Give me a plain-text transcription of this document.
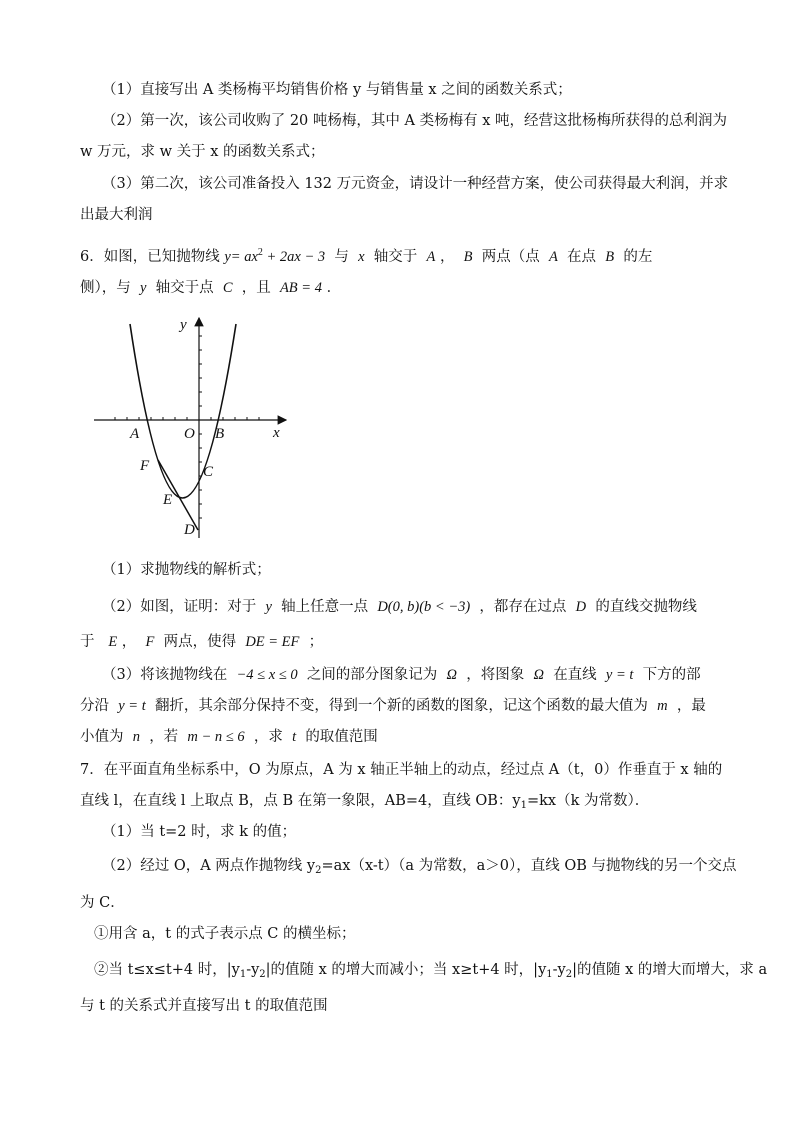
（1）直接写出 A 类杨梅平均销售价格 y 与销售量 x 之间的函数关系式；
（2）第一次，该公司收购了 20 吨杨梅，其中 A 类杨梅有 x 吨，经营这批杨梅所获得的总利润为
w 万元，求 w 关于 x 的函数关系式；
（3）第二次，该公司准备投入 132 万元资金，请设计一种经营方案，使公司获得最大利润，并求
出最大利润
6．如图，已知抛物线 $y= ax^2 + 2ax - 3$ 与 x 轴交于 A ， B 两点（点 A 在点 B 的左
侧），与 y 轴交于点 C ，且 AB = 4 ．
y
x
A	O B
F	C
E
D
（1）求抛物线的解析式；
（2）如图，证明：对于 y 轴上任意一点 D(0, b)(b < −3) ，都存在过点 D 的直线交抛物线
于 E ， F 两点，使得 DE = EF ；
（3）将该抛物线在 −4 ≤ x ≤ 0 之间的部分图象记为 Ω ，将图象 Ω 在直线 y = t 下方的部
分沿 y = t 翻折，其余部分保持不变，得到一个新的函数的图象，记这个函数的最大值为 m ，最
小值为 n ，若 m − n ≤ 6 ，求 t 的取值范围
7．在平面直角坐标系中，O 为原点，A 为 x 轴正半轴上的动点，经过点 A（t，0）作垂直于 x 轴的
直线 l，在直线 l 上取点 B，点 B 在第一象限，AB=4，直线 OB：$y_1=kx(k$ 为常数）．
（1）当 t=2 时，求 k 的值；
（2）经过 O，A 两点作抛物线 $y_2=ax(x-t)(a$ 为常数，a＞0），直线 OB 与抛物线的另一个交点
为 C．
①用含 a，t 的式子表示点 C 的横坐标；
②当 t≤x≤t+4 时，$|y_1-y_2|$的值随 x 的增大而减小；当 x≥t+4 时，$|y_1-y_2|$的值随 x 的增大而增大，求 a
与 t 的关系式并直接写出 t 的取值范围
